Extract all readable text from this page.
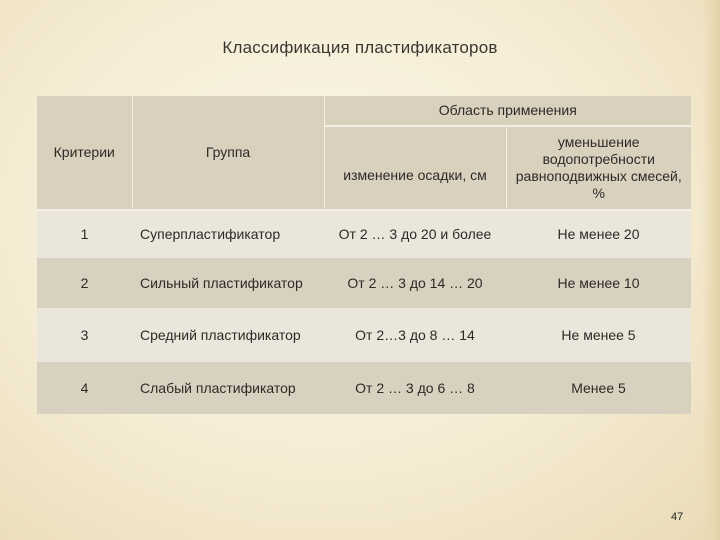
Классификация пластификаторов
Критерии	Группа	Область применения	
		изменение осадки, см	уменьшение водопотребности равноподвижных смесей, %
1	Суперпластификатор	От 2 … 3 до 20 и более	Не менее 20
2	Сильный пластификатор	От 2 … 3 до 14 … 20	Не менее 10
3	Средний пластификатор	От 2…3 до 8 … 14	Не менее 5
4	Слабый пластификатор	От 2 … 3 до 6 … 8	Менее 5
47
